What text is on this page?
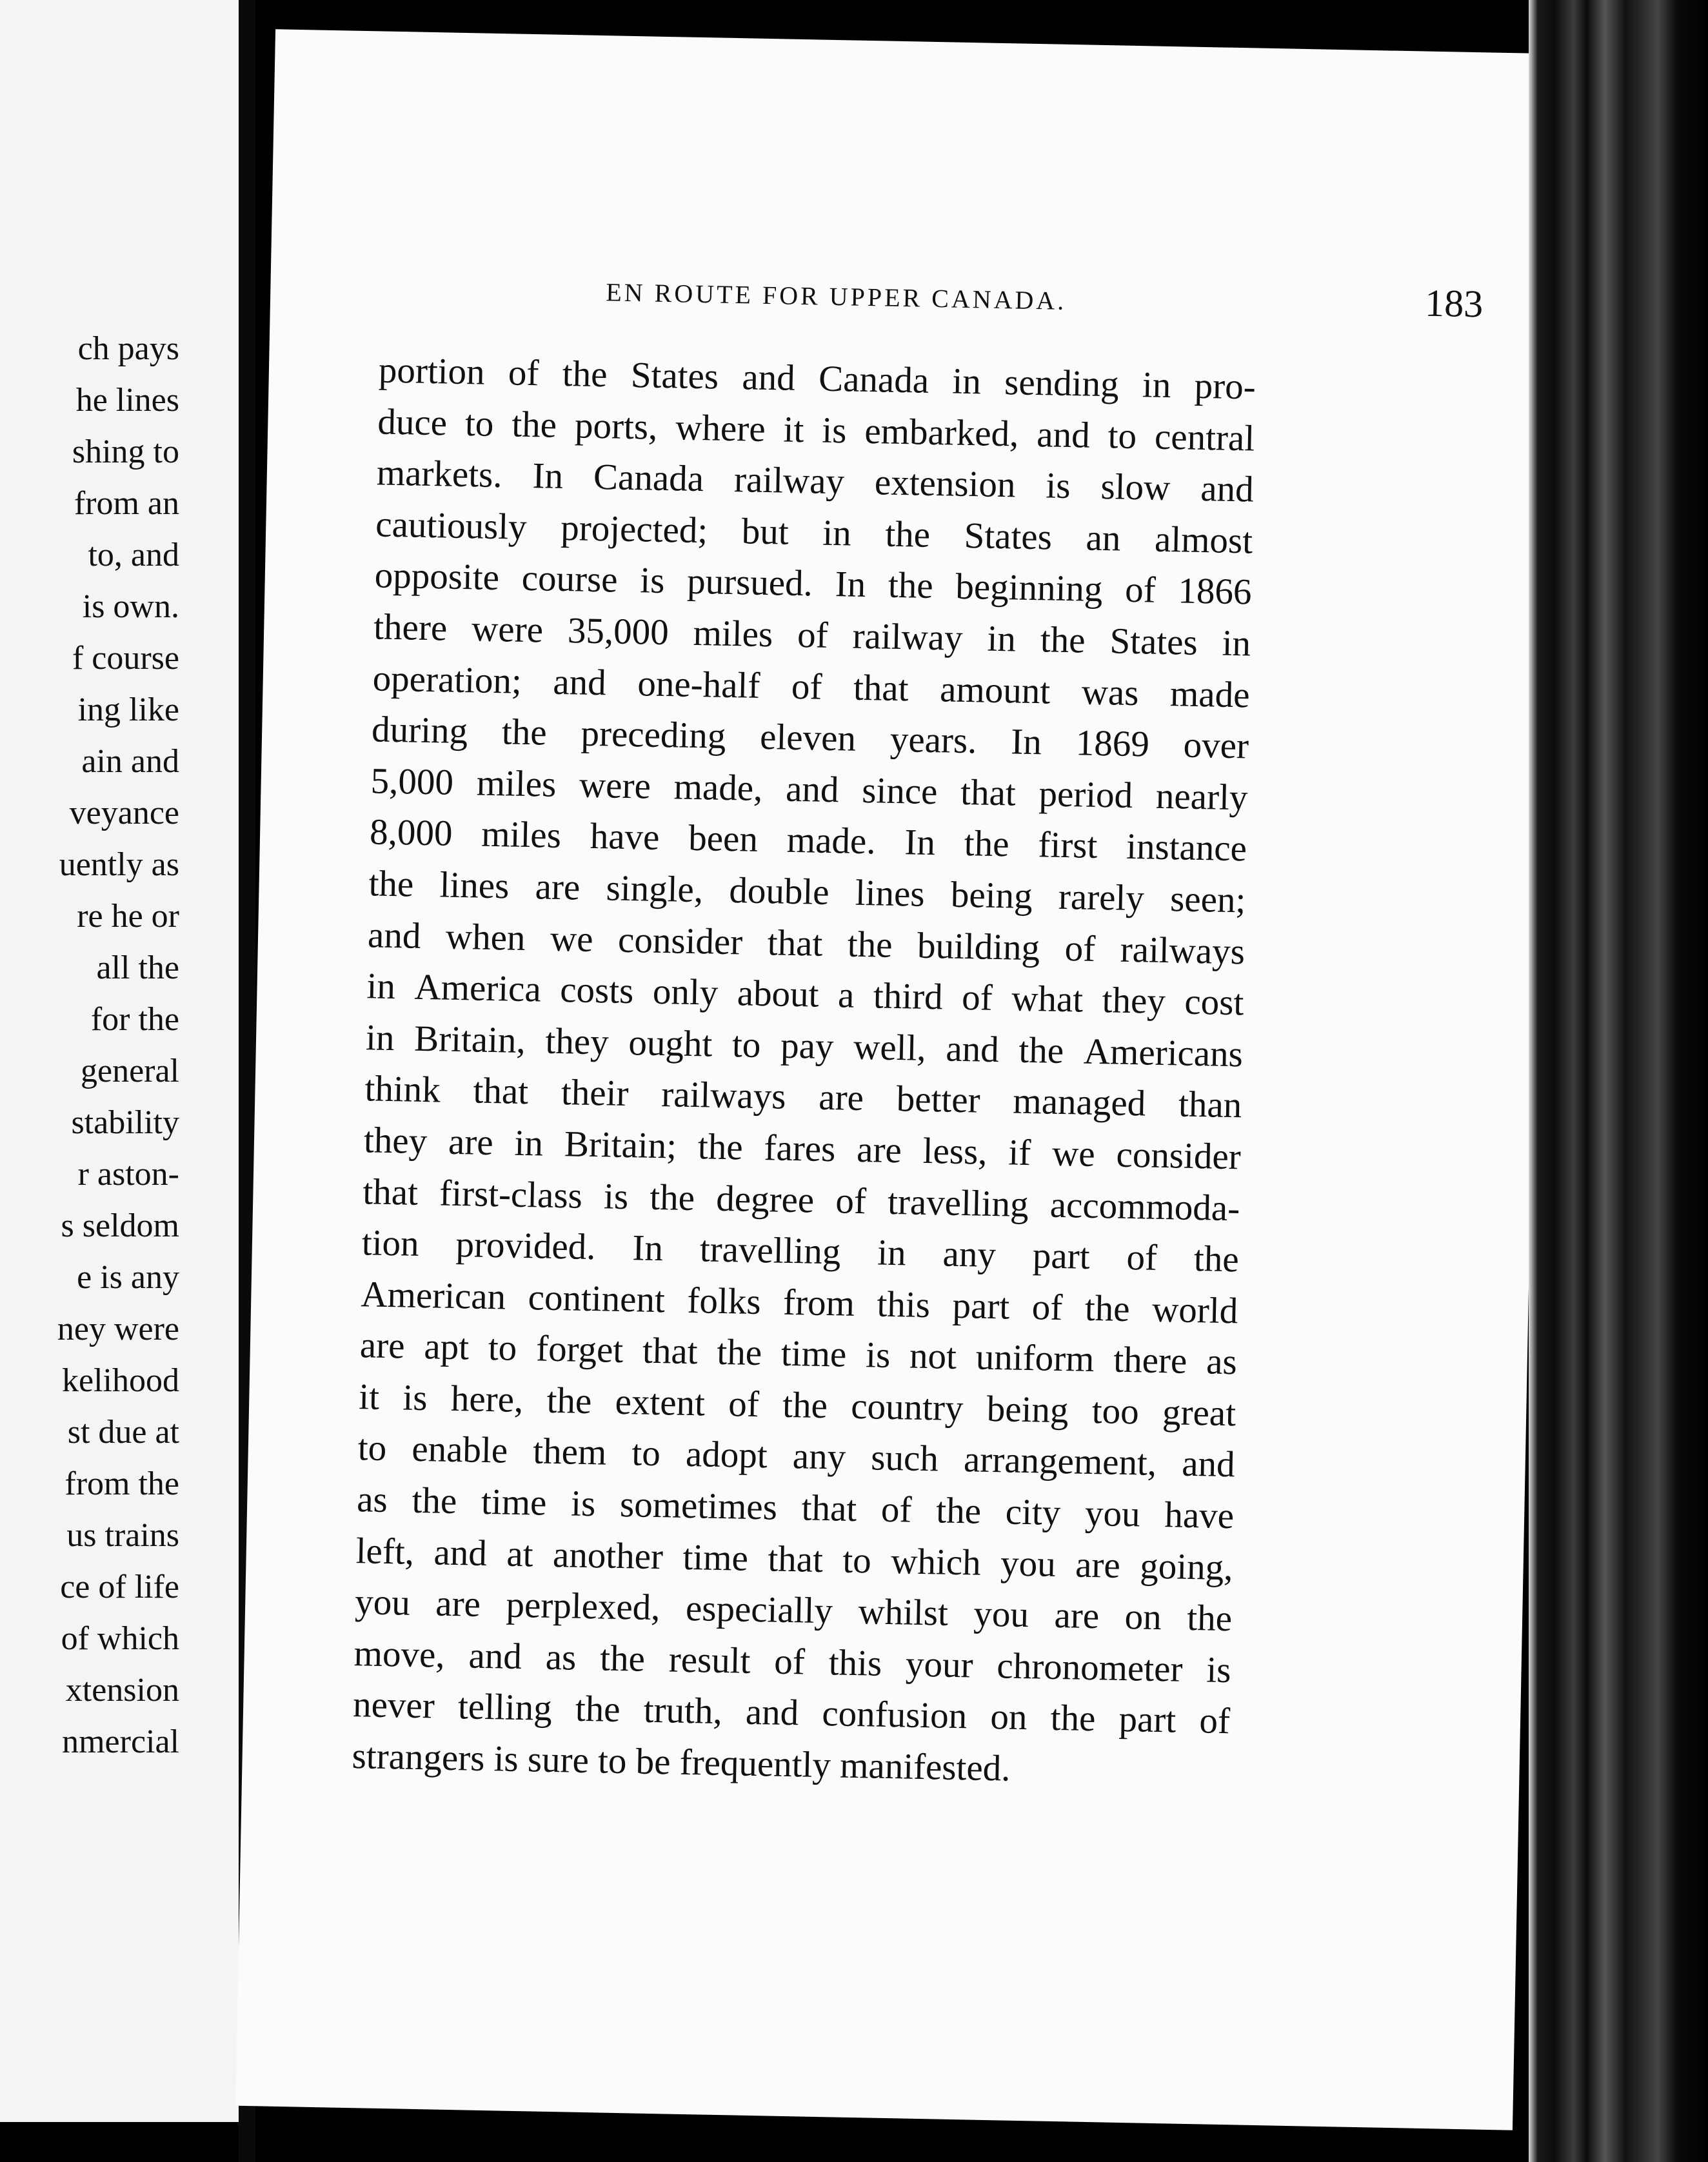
ch pays
he lines
shing to
from an
to, and
is own.
f course
ing like
ain and
veyance
uently as
re he or
all the
for the
general
stability
r aston-
s seldom
e is any
ney were
kelihood
st due at
from the
us trains
ce of life
of which
xtension
nmercial
EN ROUTE FOR UPPER CANADA.	183
portion of the States and Canada in sending in pro-
duce to the ports, where it is embarked, and to central
markets. In Canada railway extension is slow and
cautiously projected; but in the States an almost
opposite course is pursued. In the beginning of 1866
there were 35,000 miles of railway in the States in
operation; and one-half of that amount was made
during the preceding eleven years. In 1869 over
5,000 miles were made, and since that period nearly
8,000 miles have been made. In the first instance
the lines are single, double lines being rarely seen;
and when we consider that the building of railways
in America costs only about a third of what they cost
in Britain, they ought to pay well, and the Americans
think that their railways are better managed than
they are in Britain; the fares are less, if we consider
that first-class is the degree of travelling accommoda-
tion provided. In travelling in any part of the
American continent folks from this part of the world
are apt to forget that the time is not uniform there as
it is here, the extent of the country being too great
to enable them to adopt any such arrangement, and
as the time is sometimes that of the city you have
left, and at another time that to which you are going,
you are perplexed, especially whilst you are on the
move, and as the result of this your chronometer is
never telling the truth, and confusion on the part of
strangers is sure to be frequently manifested.
